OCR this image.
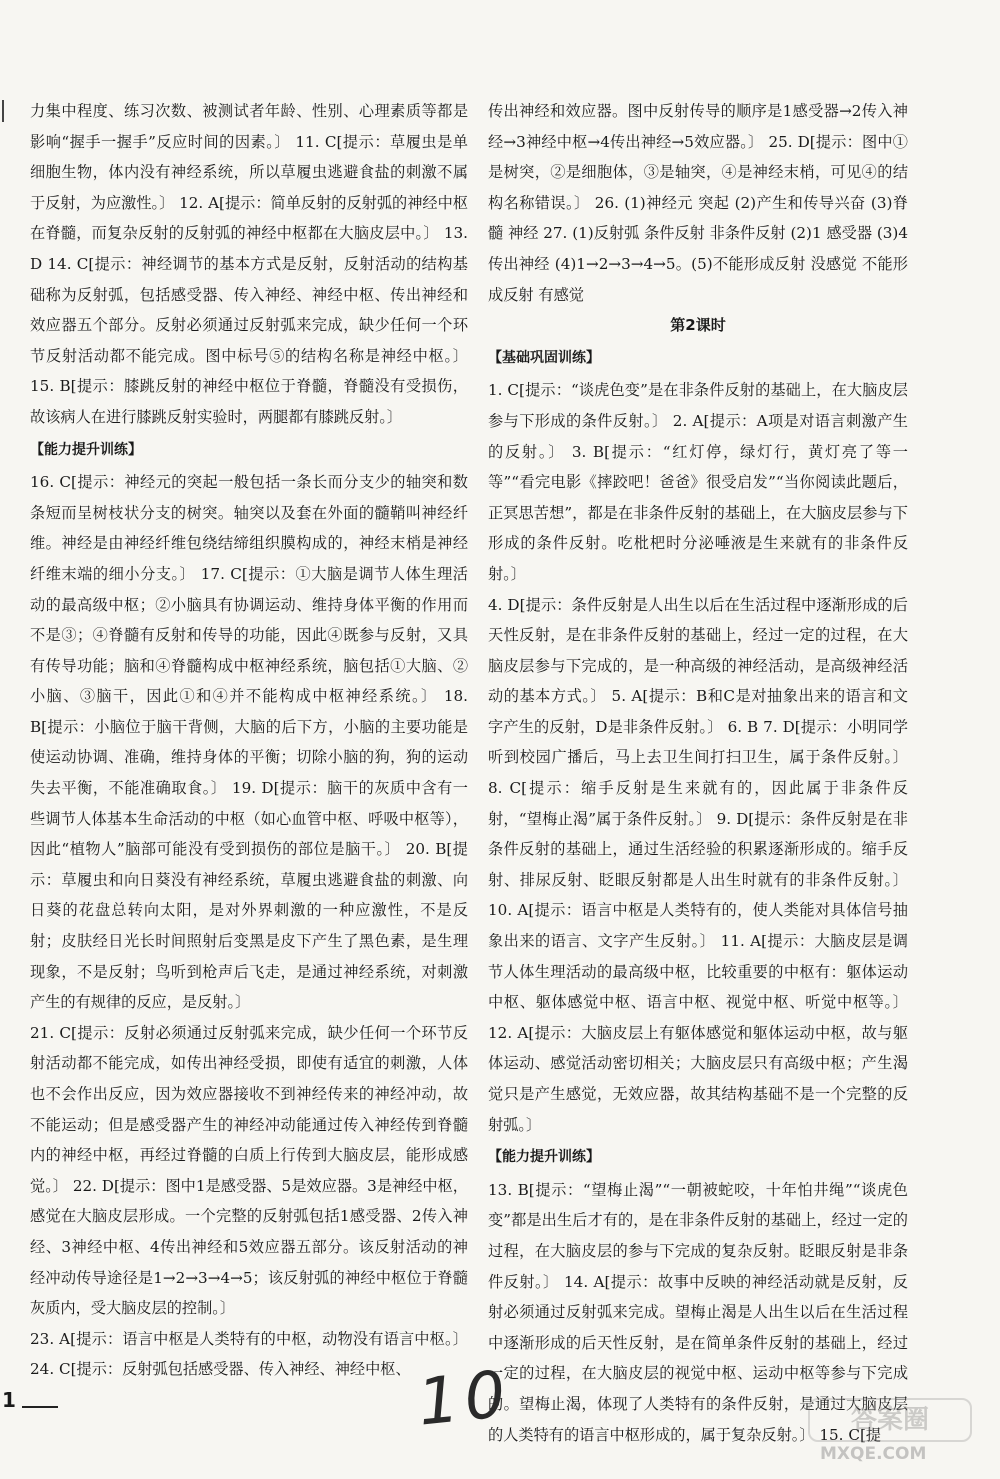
力集中程度、练习次数、被测试者年龄、性别、心理素质等都是影响“握手一握手”反应时间的因素。〕 11. C[提示：草履虫是单细胞生物，体内没有神经系统，所以草履虫逃避食盐的刺激不属于反射，为应激性。〕 12. A[提示：简单反射的反射弧的神经中枢在脊髓，而复杂反射的反射弧的神经中枢都在大脑皮层中。〕 13. D 14. C[提示：神经调节的基本方式是反射，反射活动的结构基础称为反射弧，包括感受器、传入神经、神经中枢、传出神经和效应器五个部分。反射必须通过反射弧来完成，缺少任何一个环节反射活动都不能完成。图中标号⑤的结构名称是神经中枢。〕 15. B[提示：膝跳反射的神经中枢位于脊髓，脊髓没有受损伤，故该病人在进行膝跳反射实验时，两腿都有膝跳反射。〕

【能力提升训练】

16. C[提示：神经元的突起一般包括一条长而分支少的轴突和数条短而呈树枝状分支的树突。轴突以及套在外面的髓鞘叫神经纤维。神经是由神经纤维包绕结缔组织膜构成的，神经末梢是神经纤维末端的细小分支。〕 17. C[提示：①大脑是调节人体生理活动的最高级中枢；②小脑具有协调运动、维持身体平衡的作用而不是③；④脊髓有反射和传导的功能，因此④既参与反射，又具有传导功能；脑和④脊髓构成中枢神经系统，脑包括①大脑、②小脑、③脑干，因此①和④并不能构成中枢神经系统。〕 18. B[提示：小脑位于脑干背侧，大脑的后下方，小脑的主要功能是使运动协调、准确，维持身体的平衡；切除小脑的狗，狗的运动失去平衡，不能准确取食。〕 19. D[提示：脑干的灰质中含有一些调节人体基本生命活动的中枢（如心血管中枢、呼吸中枢等），因此“植物人”脑部可能没有受到损伤的部位是脑干。〕 20. B[提示：草履虫和向日葵没有神经系统，草履虫逃避食盐的刺激、向日葵的花盘总转向太阳，是对外界刺激的一种应激性，不是反射；皮肤经日光长时间照射后变黑是皮下产生了黑色素，是生理现象，不是反射；鸟听到枪声后飞走，是通过神经系统，对刺激产生的有规律的反应，是反射。〕

21. C[提示：反射必须通过反射弧来完成，缺少任何一个环节反射活动都不能完成，如传出神经受损，即使有适宜的刺激，人体也不会作出反应，因为效应器接收不到神经传来的神经冲动，故不能运动；但是感受器产生的神经冲动能通过传入神经传到脊髓内的神经中枢，再经过脊髓的白质上行传到大脑皮层，能形成感觉。〕 22. D[提示：图中1是感受器、5是效应器。3是神经中枢，感觉在大脑皮层形成。一个完整的反射弧包括1感受器、2传入神经、3神经中枢、4传出神经和5效应器五部分。该反射活动的神经冲动传导途径是1→2→3→4→5；该反射弧的神经中枢位于脊髓灰质内，受大脑皮层的控制。〕

23. A[提示：语言中枢是人类特有的中枢，动物没有语言中枢。〕 24. C[提示：反射弧包括感受器、传入神经、神经中枢、

传出神经和效应器。图中反射传导的顺序是1感受器→2传入神经→3神经中枢→4传出神经→5效应器。〕 25. D[提示：图中①是树突，②是细胞体，③是轴突，④是神经末梢，可见④的结构名称错误。〕 26. (1)神经元 突起 (2)产生和传导兴奋 (3)脊髓 神经 27. (1)反射弧 条件反射 非条件反射 (2)1 感受器 (3)4 传出神经 (4)1→2→3→4→5。(5)不能形成反射 没感觉 不能形成反射 有感觉

第2课时
【基础巩固训练】

1. C[提示：“谈虎色变”是在非条件反射的基础上，在大脑皮层参与下形成的条件反射。〕 2. A[提示：A项是对语言刺激产生的反射。〕 3. B[提示：“红灯停，绿灯行，黄灯亮了等一等”“看完电影《摔跤吧！爸爸》很受启发”“当你阅读此题后，正冥思苦想”，都是在非条件反射的基础上，在大脑皮层参与下形成的条件反射。吃枇杷时分泌唾液是生来就有的非条件反射。〕

4. D[提示：条件反射是人出生以后在生活过程中逐渐形成的后天性反射，是在非条件反射的基础上，经过一定的过程，在大脑皮层参与下完成的，是一种高级的神经活动，是高级神经活动的基本方式。〕 5. A[提示：B和C是对抽象出来的语言和文字产生的反射，D是非条件反射。〕 6. B 7. D[提示：小明同学听到校园广播后，马上去卫生间打扫卫生，属于条件反射。〕 8. C[提示：缩手反射是生来就有的，因此属于非条件反射，“望梅止渴”属于条件反射。〕 9. D[提示：条件反射是在非条件反射的基础上，通过生活经验的积累逐渐形成的。缩手反射、排尿反射、眨眼反射都是人出生时就有的非条件反射。〕 10. A[提示：语言中枢是人类特有的，使人类能对具体信号抽象出来的语言、文字产生反射。〕 11. A[提示：大脑皮层是调节人体生理活动的最高级中枢，比较重要的中枢有：躯体运动中枢、躯体感觉中枢、语言中枢、视觉中枢、听觉中枢等。〕 12. A[提示：大脑皮层上有躯体感觉和躯体运动中枢，故与躯体运动、感觉活动密切相关；大脑皮层只有高级中枢；产生渴觉只是产生感觉，无效应器，故其结构基础不是一个完整的反射弧。〕

【能力提升训练】

13. B[提示：“望梅止渴”“一朝被蛇咬，十年怕井绳”“谈虎色变”都是出生后才有的，是在非条件反射的基础上，经过一定的过程，在大脑皮层的参与下完成的复杂反射。眨眼反射是非条件反射。〕 14. A[提示：故事中反映的神经活动就是反射，反射必须通过反射弧来完成。望梅止渴是人出生以后在生活过程中逐渐形成的后天性反射，是在简单条件反射的基础上，经过一定的过程，在大脑皮层的视觉中枢、运动中枢等参与下完成的。望梅止渴，体现了人类特有的条件反射，是通过大脑皮层的人类特有的语言中枢形成的，属于复杂反射。〕 15. C[提

1	10	答案圈
MXQE.COM
